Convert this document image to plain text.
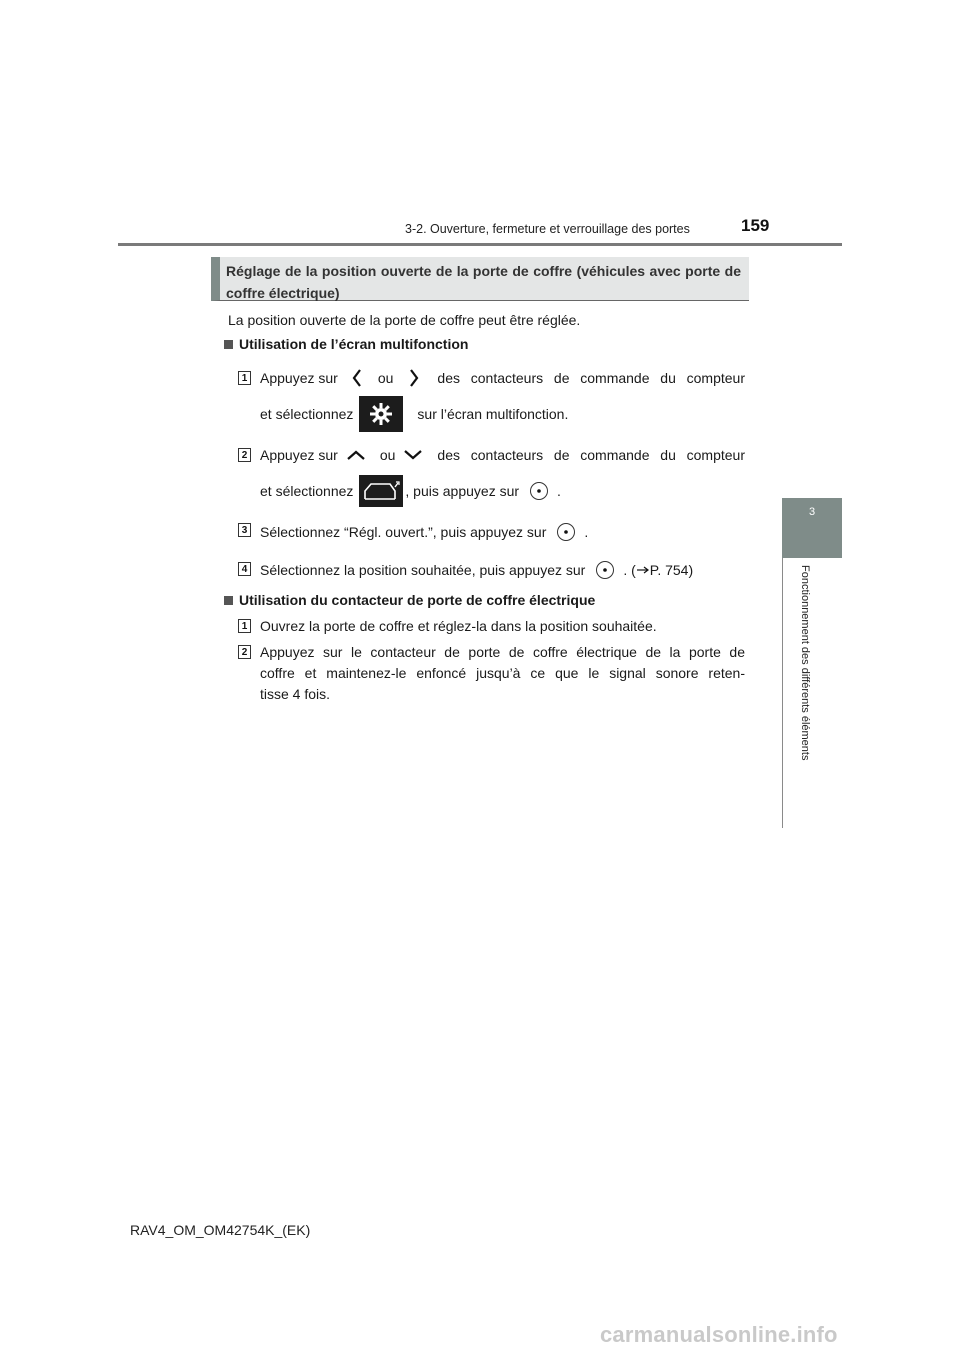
3-2. Ouverture, fermeture et verrouillage des portes	159
3
Fonctionnement des différents éléments
Réglage de la position ouverte de la porte de coffre (véhicules avec porte de coffre électrique)
La position ouverte de la porte de coffre peut être réglée.
Utilisation de l’écran multifonction
1 Appuyez sur	ou	des contacteurs de commande du compteur
et sélectionnez	sur l’écran multifonction.
2 Appuyez sur	ou	des contacteurs de commande du compteur
et sélectionnez	, puis appuyez sur	.
3 Sélectionnez “Régl. ouvert.”, puis appuyez sur	.
4 Sélectionnez la position souhaitée, puis appuyez sur	. ( P. 754)
Utilisation du contacteur de porte de coffre électrique
1 Ouvrez la porte de coffre et réglez-la dans la position souhaitée.
2 Appuyez sur le contacteur de porte de coffre électrique de la porte de
coffre et maintenez-le enfoncé jusqu’à ce que le signal sonore reten-
tisse 4 fois.
RAV4_OM_OM42754K_(EK)
carmanualsonline.info
